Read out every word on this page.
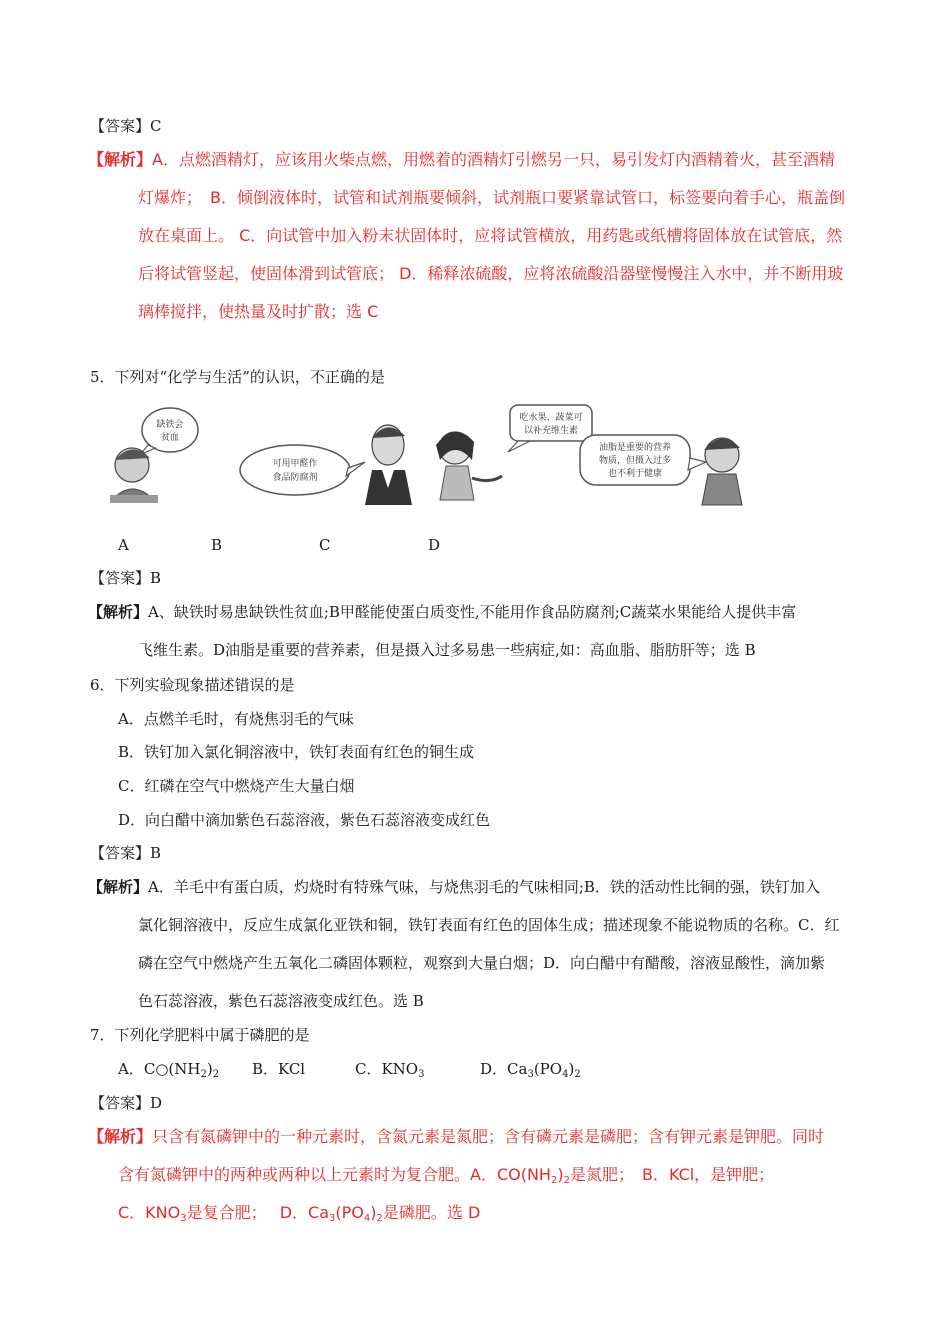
【答案】C
【解析】A．点燃酒精灯，应该用火柴点燃，用燃着的酒精灯引燃另一只，易引发灯内酒精着火，甚至酒精
灯爆炸；　B．倾倒液体时，试管和试剂瓶要倾斜，试剂瓶口要紧靠试管口，标签要向着手心，瓶盖倒
放在桌面上。 C．向试管中加入粉末状固体时，应将试管横放，用药匙或纸槽将固体放在试管底，然
后将试管竖起，使固体滑到试管底； D．稀释浓硫酸，应将浓硫酸沿器壁慢慢注入水中，并不断用玻
璃棒搅拌，使热量及时扩散；选 C
5．下列对“化学与生活”的认识，不正确的是
缺铁会
贫血
可用甲醛作
食品防腐剂
吃水果、蔬菜可
以补充维生素
油脂是重要的营养
物质，但摄入过多
也不利于健康
A	B	C	D
【答案】B
【解析】A、缺铁时易患缺铁性贫血;B甲醛能使蛋白质变性,不能用作食品防腐剂;C蔬菜水果能给人提供丰富
飞维生素。D油脂是重要的营养素，但是摄入过多易患一些病症,如：高血脂、脂肪肝等；选 B
6．下列实验现象描述错误的是
A．点燃羊毛时，有烧焦羽毛的气味
B．铁钉加入氯化铜溶液中，铁钉表面有红色的铜生成
C．红磷在空气中燃烧产生大量白烟
D．向白醋中滴加紫色石蕊溶液，紫色石蕊溶液变成红色
【答案】B
【解析】A．羊毛中有蛋白质，灼烧时有特殊气味，与烧焦羽毛的气味相同;B．铁的活动性比铜的强，铁钉加入
氯化铜溶液中，反应生成氯化亚铁和铜，铁钉表面有红色的固体生成；描述现象不能说物质的名称。C．红
磷在空气中燃烧产生五氧化二磷固体颗粒，观察到大量白烟；D．向白醋中有醋酸，溶液显酸性，滴加紫
色石蕊溶液，紫色石蕊溶液变成红色。选 B
7．下列化学肥料中属于磷肥的是
A．$C○(NH_2)_2$ B．KCl	C．$KNO_3$	D．$Ca_3(PO_4)_2$
【答案】D
【解析】只含有氮磷钾中的一种元素时，含氮元素是氮肥；含有磷元素是磷肥；含有钾元素是钾肥。同时
含有氮磷钾中的两种或两种以上元素时为复合肥。A．$CO(NH_2)_2$是氮肥；　B．KCl，是钾肥；
C．$KNO_3$是复合肥；　 D．$Ca_3(PO_4)_2$是磷肥。选 D
